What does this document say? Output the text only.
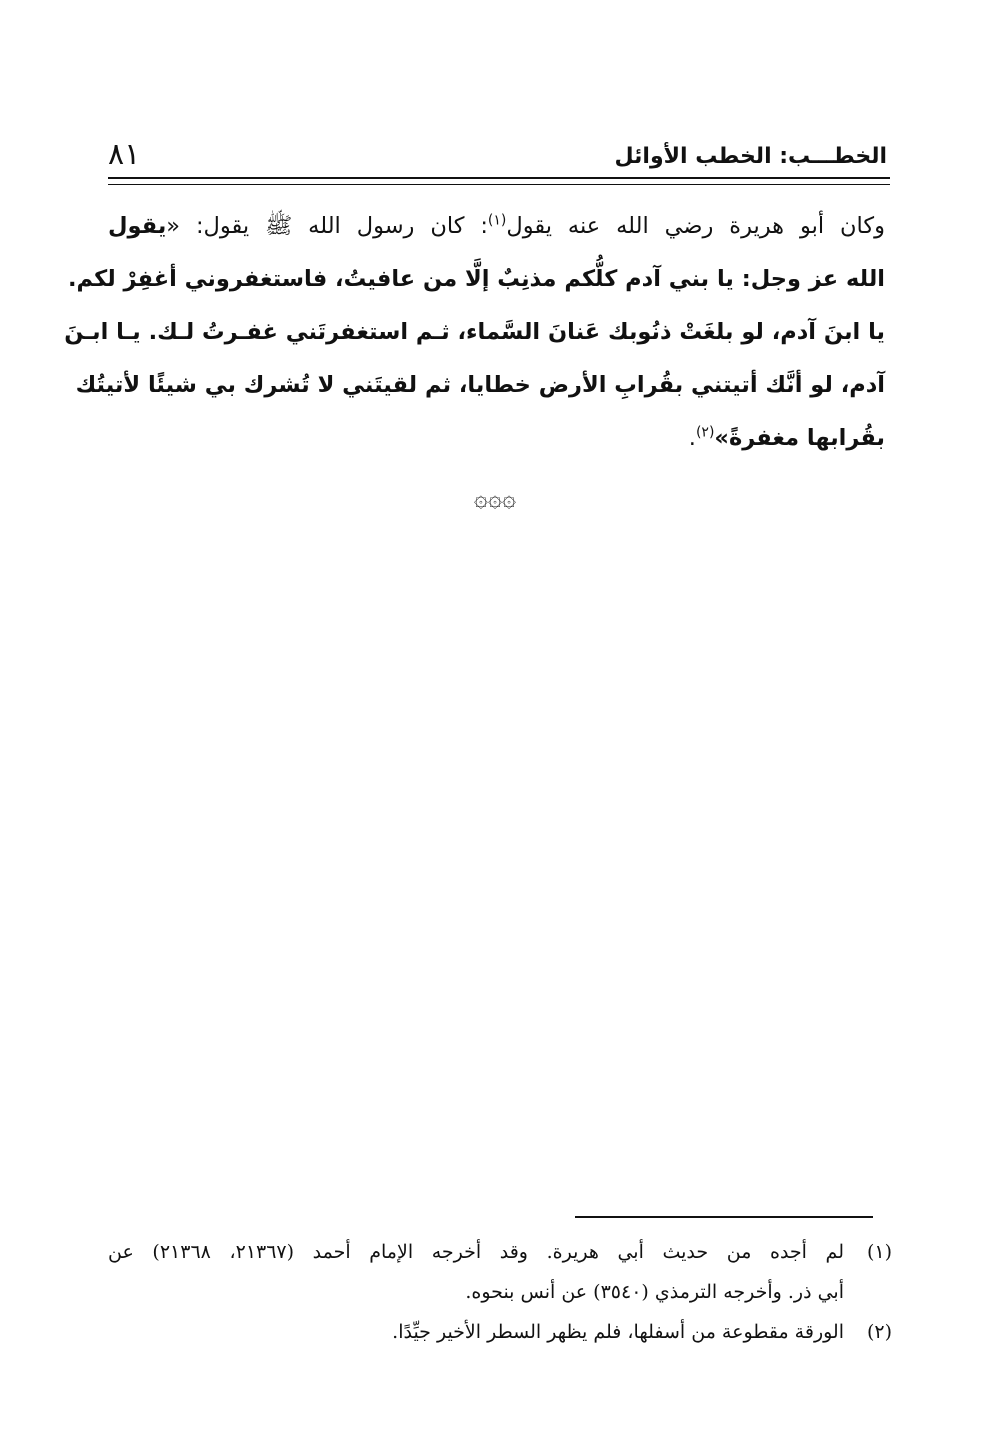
الخطـــب: الخطب الأوائل
٨١
وكان أبو هريرة رضي الله عنه يقول$^{(١)}$: كان رسول الله ﷺ يقول: «يقول
الله عز وجل: يا بني آدم كلُّكم مذنِبٌ إلَّا من عافيتُ، فاستغفروني أغفِرْ لكم.
يا ابنَ آدم، لو بلغَتْ ذنُوبك عَنانَ السَّماء، ثـم استغفرتَني غفـرتُ لـك. يـا ابـنَ
آدم، لو أنَّك أتيتني بقُرابِ الأرض خطايا، ثم لقيتَني لا تُشرك بي شيئًا لأتيتُك
بقُرابها مغفرةً»$^{(٢)}$.
۞۞۞
(١)
لم أجده من حديث أبي هريرة. وقد أخرجه الإمام أحمد (٢١٣٦٧، ٢١٣٦٨) عن
أبي ذر. وأخرجه الترمذي (٣٥٤٠) عن أنس بنحوه.
(٢)
الورقة مقطوعة من أسفلها، فلم يظهر السطر الأخير جيِّدًا.
